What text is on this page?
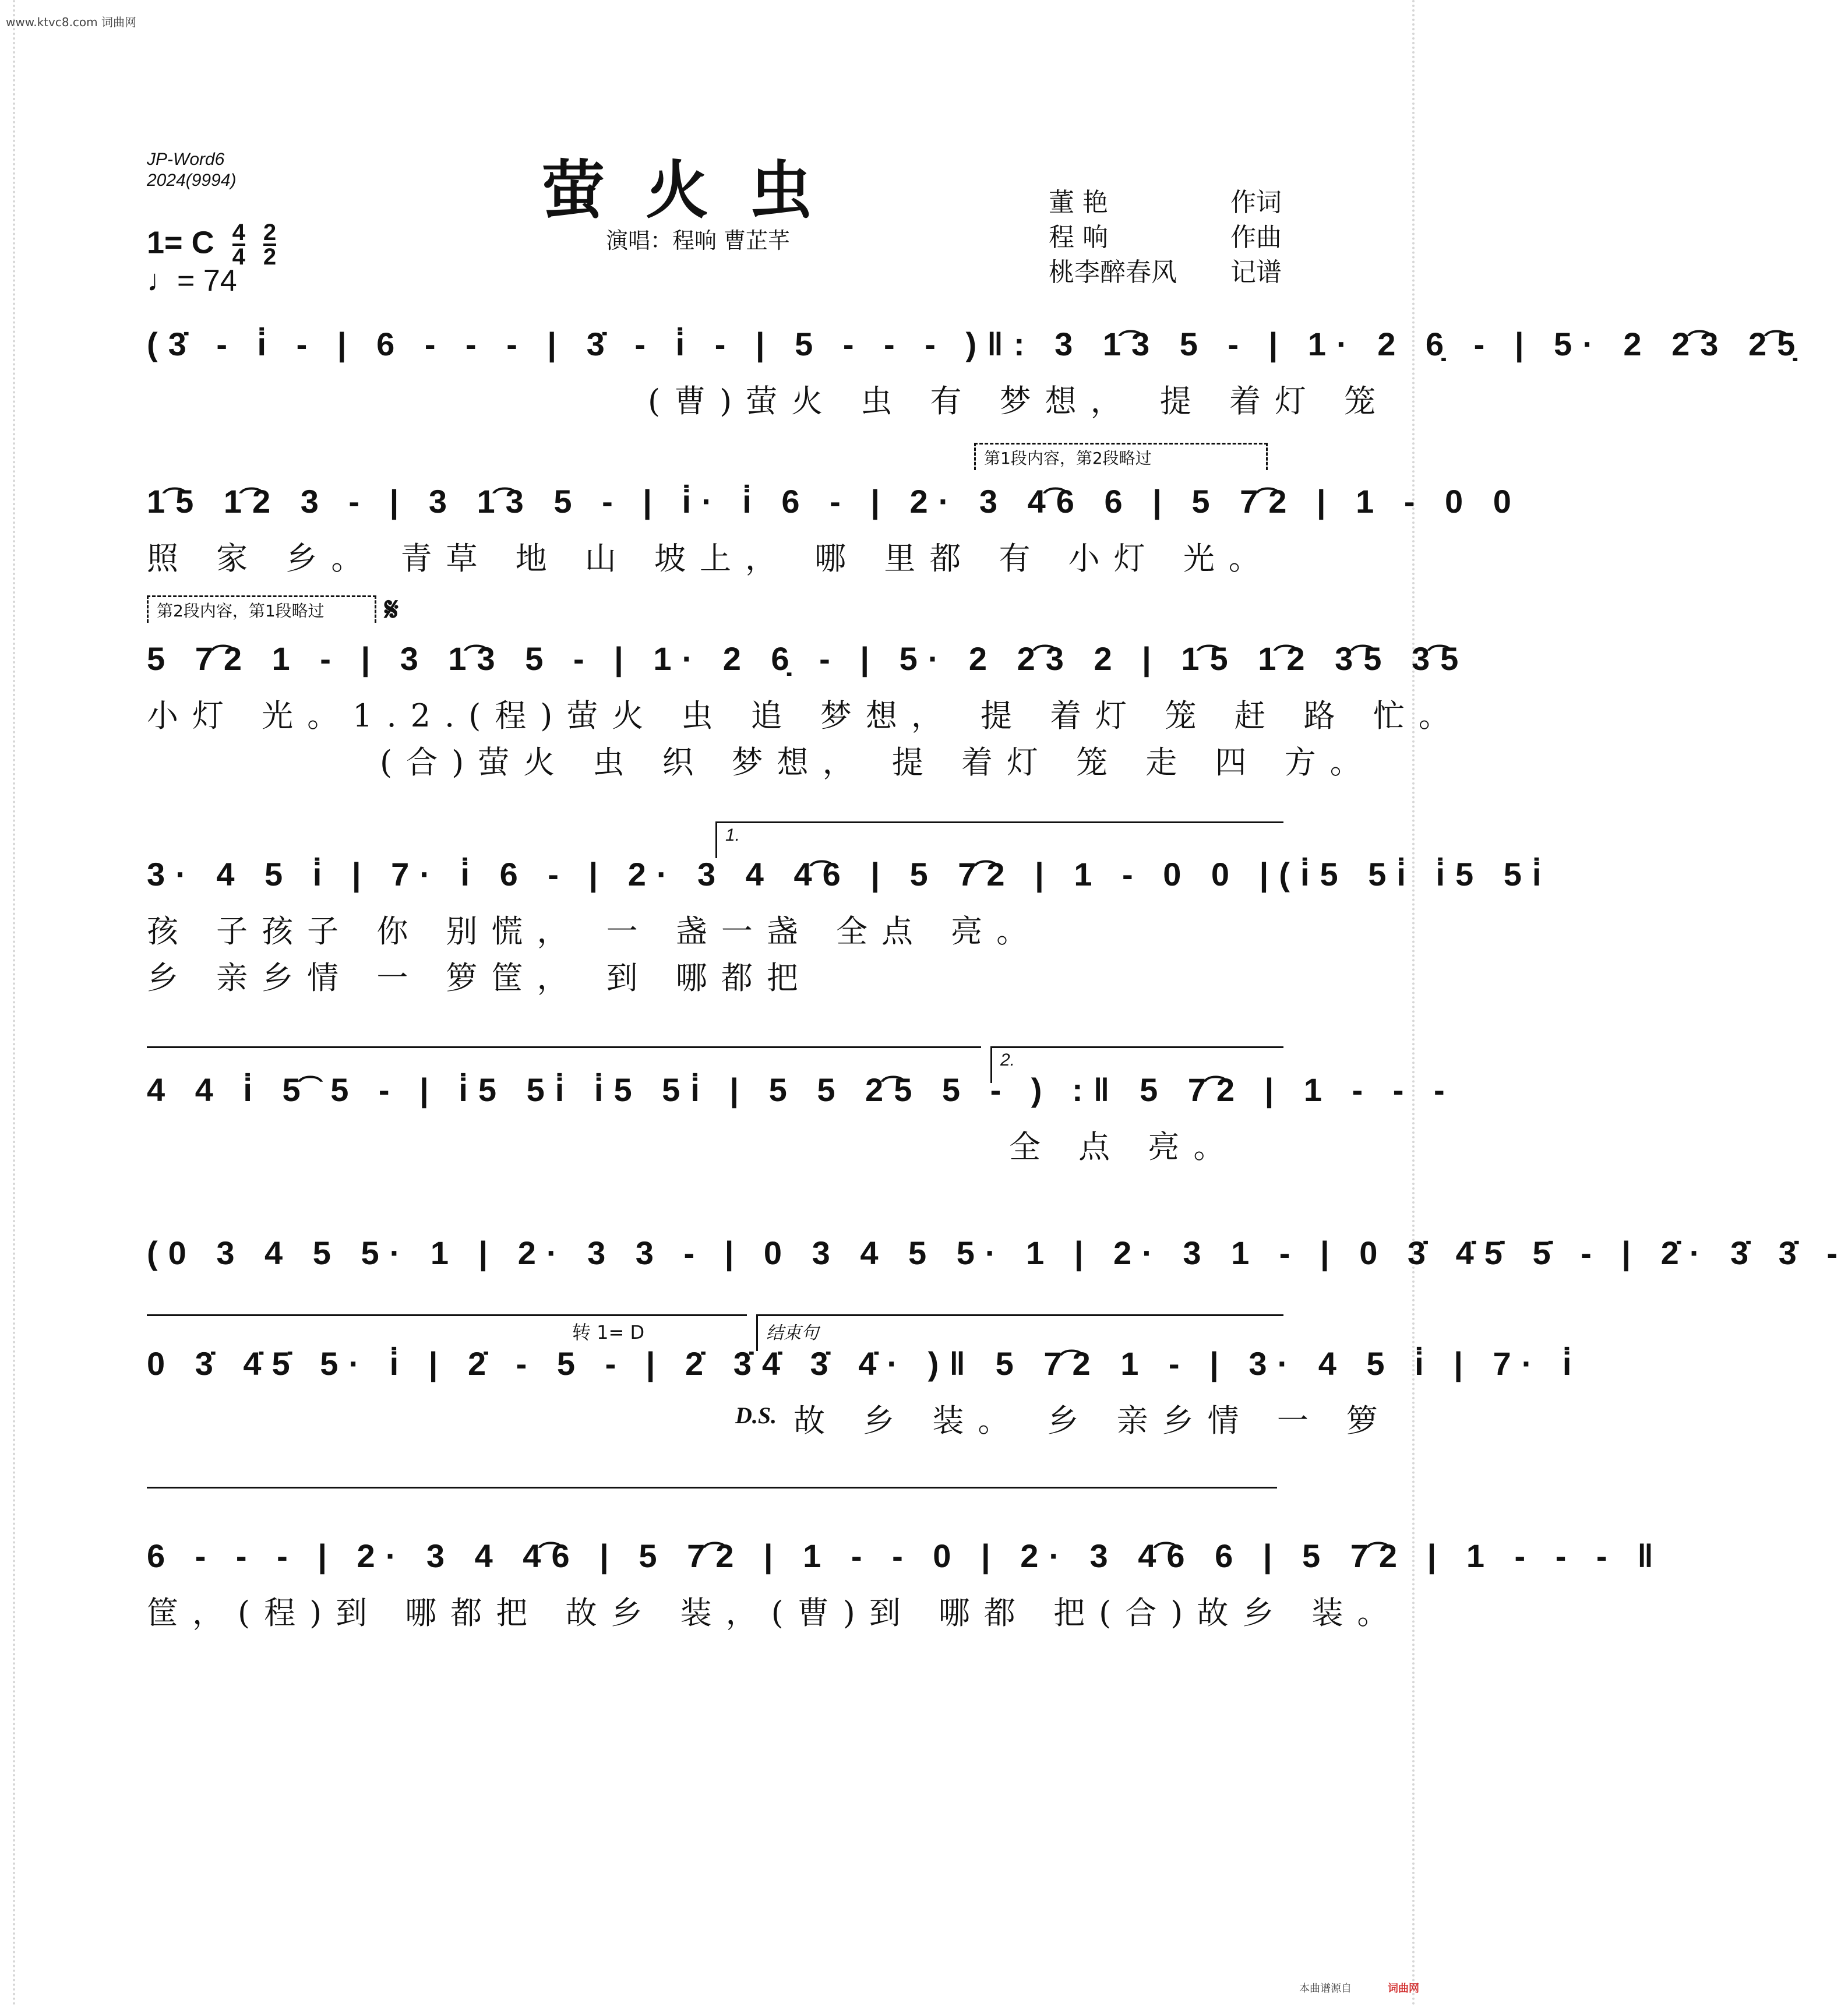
www.ktvc8.com 词曲网
JP-Word6
2024(9994)	萤火虫
演唱：程响 曹芷芊
董 艳	作词
程 响	作曲
桃李醉春风 记谱
1= C $\frac{4}{4}$
$\frac{2}{2}$
♩= 74
(3̇ - i̇ - | 6 - - - | 3̇ - i̇ - | 5 - - - )‖: 3 1͡3 5 - | 1· 2 6̣ - | 5· 2 2͡3 2͡5̣
(曹)萤火 虫 有 梦想， 提 着灯 笼
第1段内容，第2段略过
1͡5 1͡2 3 - | 3 1͡3 5 - | i̇· i̇ 6 - | 2· 3 4͡6 6 | 5 7͡2 | 1 - 0 0
照 家 乡。 青草 地 山 坡上， 哪 里都 有 小灯 光。
第2段内容，第1段略过	𝄋
5 7͡2 1 - | 3 1͡3 5 - | 1· 2 6̣ - | 5· 2 2͡3 2 | 1͡5 1͡2 3͡5 3͡5
小灯 光。1.2.(程)萤火 虫 追 梦想， 提 着灯 笼 赶 路 忙。
(合)萤火 虫 织 梦想， 提 着灯 笼 走 四 方。
1.
3· 4 5 i̇ | 7· i̇ 6 - | 2· 3 4 4͡6 | 5 7͡2 | 1 - 0 0 |(i̇5 5i̇ i̇5 5i̇
孩 子孩子 你 别慌， 一 盏一盏 全点 亮。
乡 亲乡情 一 箩筐， 到 哪都把
2.
4 4 i̇ 5͡ 5 - | i̇5 5i̇ i̇5 5i̇ | 5 5 2͡5 5 - ) :‖ 5 7͡2 | 1 - - -
全 点 亮。
(0 3 4 5 5· 1 | 2· 3 3 - | 0 3 4 5 5· 1 | 2· 3 1 - | 0 3̇ 4̇5̇ 5̇ - | 2̇· 3̇ 3̇ -
转 1= D	结束句
0 3̇ 4̇5̇ 5· i̇ | 2̇ - 5 - | 2̇ 3̇4̇ 3̇ 4̇· )‖ 5 7͡2 1 - | 3· 4 5 i̇ | 7· i̇
D.S. 故 乡 装。 乡 亲乡情 一 箩
6 - - - | 2· 3 4 4͡6 | 5 7͡2 | 1 - - 0 | 2· 3 4͡6 6 | 5 7͡2 | 1 - - - ‖
筐，(程)到 哪都把 故乡 装，(曹)到 哪都 把(合)故乡 装。
本曲谱源自	词曲网
